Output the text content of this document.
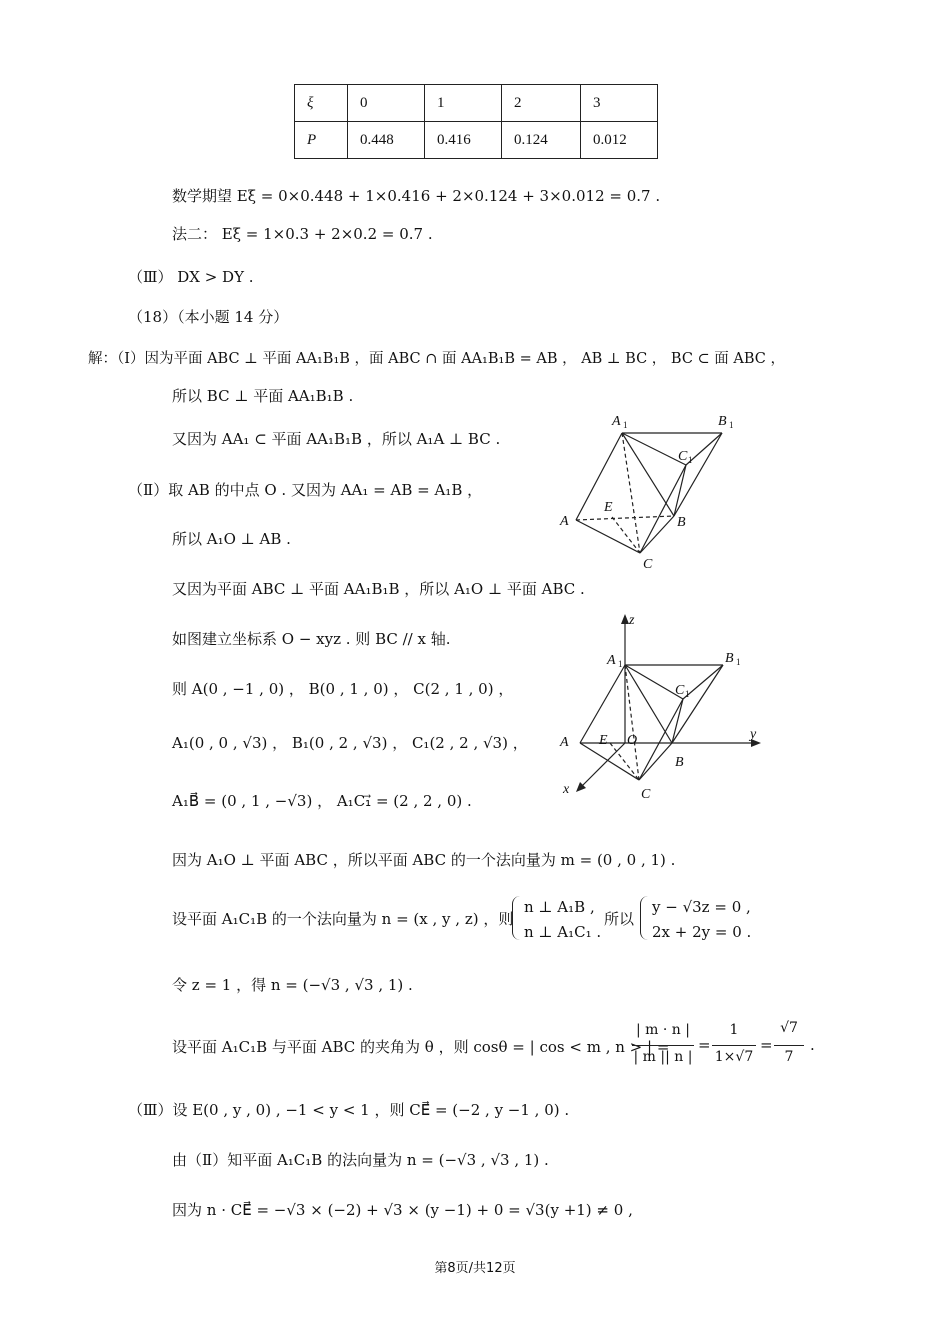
ξ	0	1	2	3
P	0.448	0.416	0.124	0.012
数学期望 Eξ = 0×0.448 + 1×0.416 + 2×0.124 + 3×0.012 = 0.7 .
法二： Eξ = 1×0.3 + 2×0.2 = 0.7 .
（Ⅲ） DX > DY .
（18）（本小题 14 分）
解：（Ⅰ）因为平面 ABC ⊥ 平面 AA₁B₁B ，面 ABC ∩ 面 AA₁B₁B = AB ， AB ⊥ BC ， BC ⊂ 面 ABC ，
所以 BC ⊥ 平面 AA₁B₁B .
又因为 AA₁ ⊂ 平面 AA₁B₁B ，所以 A₁A ⊥ BC .
（Ⅱ）取 AB 的中点 O . 又因为 AA₁ = AB = A₁B ，
所以 A₁O ⊥ AB .
又因为平面 ABC ⊥ 平面 AA₁B₁B ，所以 A₁O ⊥ 平面 ABC .
如图建立坐标系 O − xyz . 则 BC // x 轴.
则 A(0 , −1 , 0) ， B(0 , 1 , 0) ， C(2 , 1 , 0) ，
A₁(0 , 0 , √3) ， B₁(0 , 2 , √3) ， C₁(2 , 2 , √3) ，
A₁B⃗ = (0 , 1 , −√3) ， A₁C₁⃗ = (2 , 2 , 0) .
因为 A₁O ⊥ 平面 ABC ，所以平面 ABC 的一个法向量为 m = (0 , 0 , 1) .
设平面 A₁C₁B 的一个法向量为 n = (x , y , z) ，则
n ⊥ A₁B ,
n ⊥ A₁C₁ .
所以
y − √3z = 0 ,
2x + 2y = 0 .
令 z = 1 ，得 n = (−√3 , √3 , 1) .
设平面 A₁C₁B 与平面 ABC 的夹角为 θ ，则 cosθ = | cos < m , n > | =
| m · n |
| m || n |
=
1
1×√7
=
√7
7
.
（Ⅲ）设 E(0 , y , 0) , −1 < y < 1 ，则 CE⃗ = (−2 , y −1 , 0) .
由（Ⅱ）知平面 A₁C₁B 的法向量为 n = (−√3 , √3 , 1) .
因为 n · CE⃗ = −√3 × (−2) + √3 × (y −1) + 0 = √3(y +1) ≠ 0 ,
A
A 1	B 1
C 1
E
B
C
z
y
x
A 1	B 1
C 1
A E O
B
C
第8页/共12页
